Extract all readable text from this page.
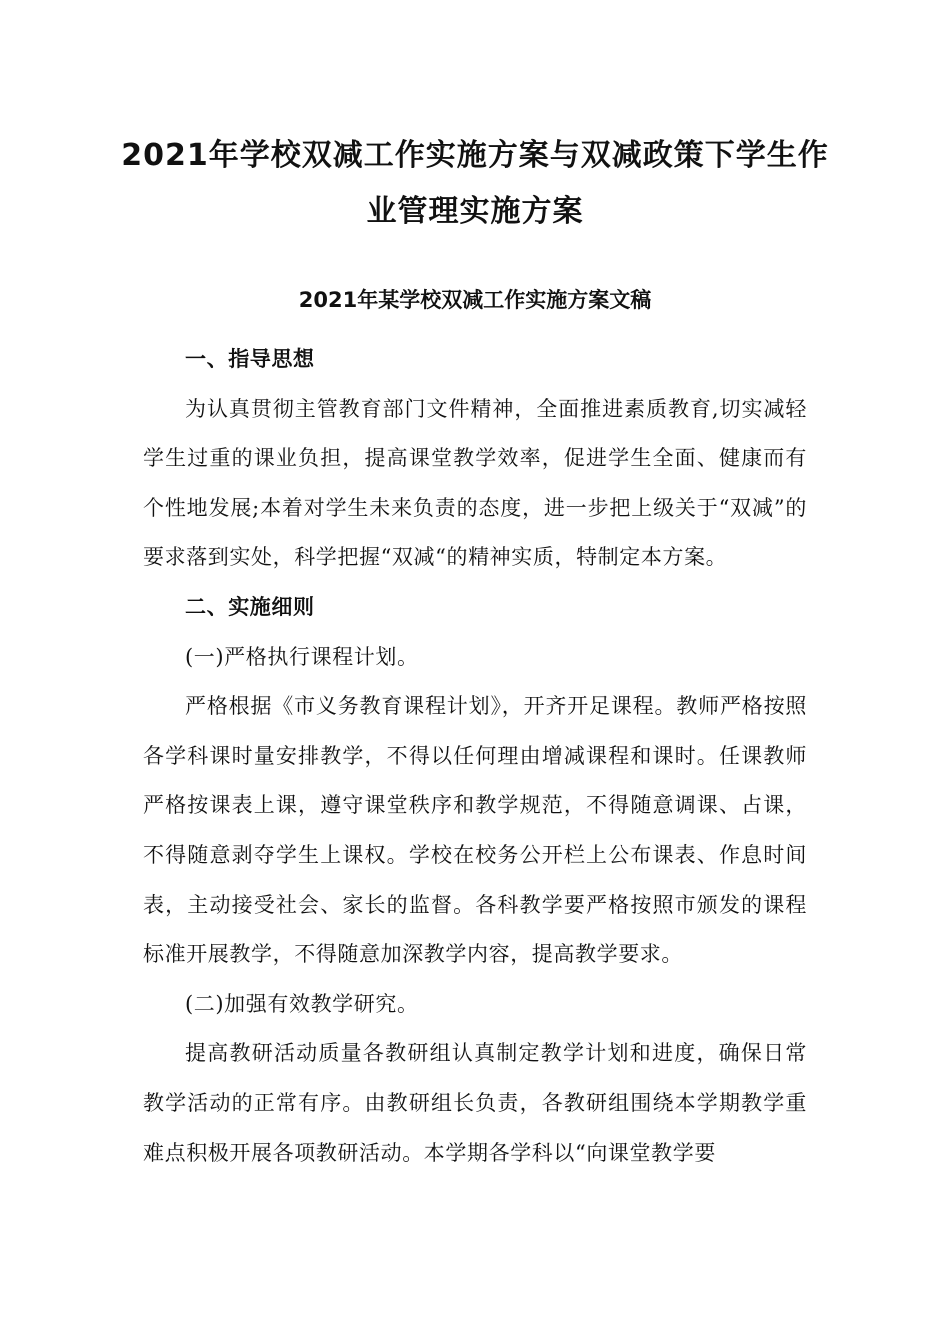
2021年学校双减工作实施方案与双减政策下学生作
业管理实施方案
2021年某学校双减工作实施方案文稿

一、指导思想

为认真贯彻主管教育部门文件精神，全面推进素质教育,切实减轻学生过重的课业负担，提高课堂教学效率，促进学生全面、健康而有个性地发展;本着对学生未来负责的态度，进一步把上级关于“双减”的要求落到实处，科学把握“双减“的精神实质，特制定本方案。

二、实施细则

(一)严格执行课程计划。

严格根据《市义务教育课程计划》，开齐开足课程。教师严格按照各学科课时量安排教学，不得以任何理由增减课程和课时。任课教师严格按课表上课，遵守课堂秩序和教学规范，不得随意调课、占课，不得随意剥夺学生上课权。学校在校务公开栏上公布课表、作息时间表，主动接受社会、家长的监督。各科教学要严格按照市颁发的课程标准开展教学，不得随意加深教学内容，提高教学要求。

(二)加强有效教学研究。

提高教研活动质量各教研组认真制定教学计划和进度，确保日常教学活动的正常有序。由教研组长负责，各教研组围绕本学期教学重难点积极开展各项教研活动。本学期各学科以“向课堂教学要
